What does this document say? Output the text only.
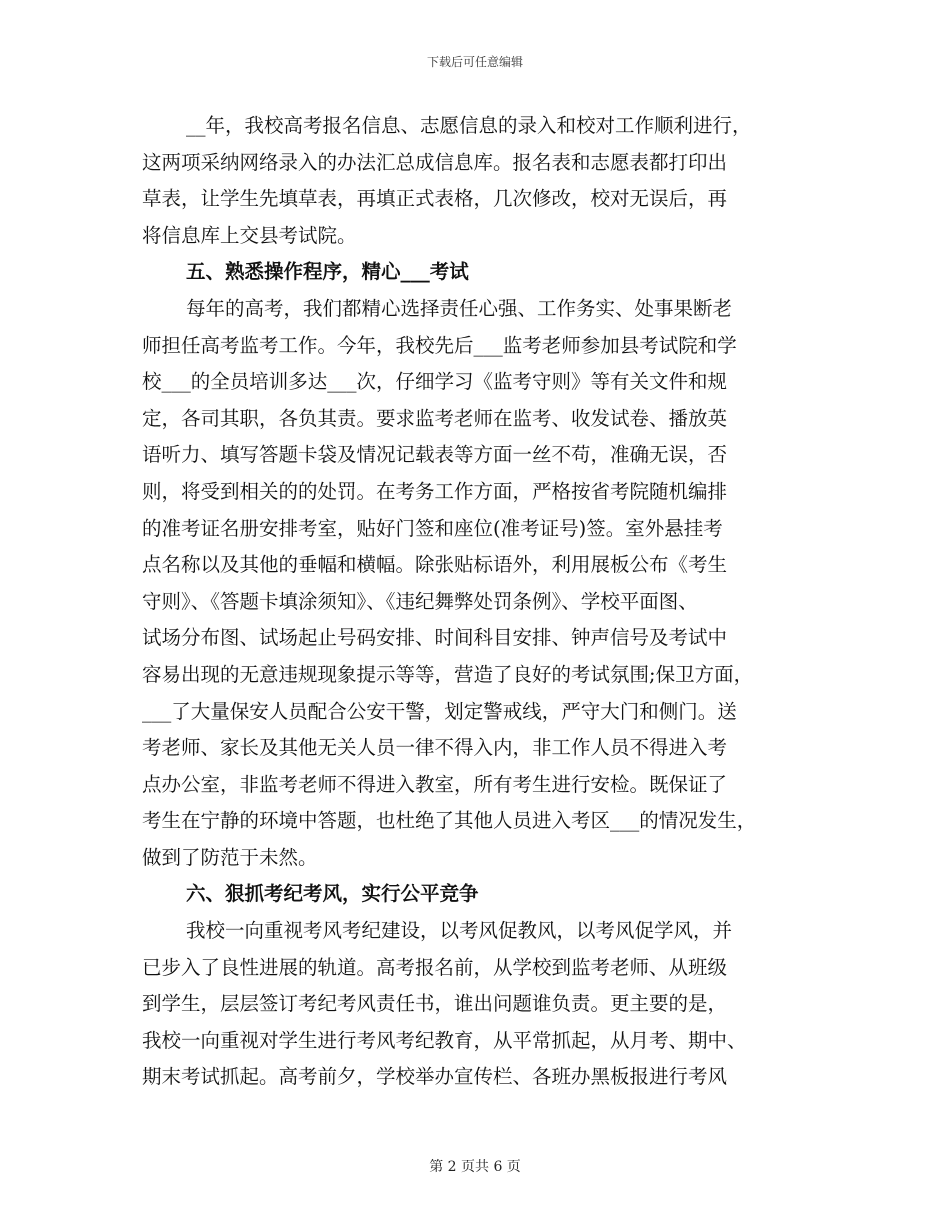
下载后可任意编辑
__年，我校高考报名信息、志愿信息的录入和校对工作顺利进行，
这两项采纳网络录入的办法汇总成信息库。报名表和志愿表都打印出
草表，让学生先填草表，再填正式表格，几次修改，校对无误后，再
将信息库上交县考试院。
五、熟悉操作程序，精心___考试
每年的高考，我们都精心选择责任心强、工作务实、处事果断老
师担任高考监考工作。今年，我校先后___监考老师参加县考试院和学
校___的全员培训多达___次，仔细学习《监考守则》等有关文件和规
定，各司其职，各负其责。要求监考老师在监考、收发试卷、播放英
语听力、填写答题卡袋及情况记载表等方面一丝不苟，准确无误，否
则，将受到相关的的处罚。在考务工作方面，严格按省考院随机编排
的准考证名册安排考室，贴好门签和座位(准考证号)签。室外悬挂考
点名称以及其他的垂幅和横幅。除张贴标语外，利用展板公布《考生
守则》、《答题卡填涂须知》、《违纪舞弊处罚条例》、学校平面图、
试场分布图、试场起止号码安排、时间科目安排、钟声信号及考试中
容易出现的无意违规现象提示等等，营造了良好的考试氛围;保卫方面，
___了大量保安人员配合公安干警，划定警戒线，严守大门和侧门。送
考老师、家长及其他无关人员一律不得入内，非工作人员不得进入考
点办公室，非监考老师不得进入教室，所有考生进行安检。既保证了
考生在宁静的环境中答题，也杜绝了其他人员进入考区___的情况发生，
做到了防范于未然。
六、狠抓考纪考风，实行公平竞争
我校一向重视考风考纪建设，以考风促教风，以考风促学风，并
已步入了良性进展的轨道。高考报名前，从学校到监考老师、从班级
到学生，层层签订考纪考风责任书，谁出问题谁负责。更主要的是，
我校一向重视对学生进行考风考纪教育，从平常抓起，从月考、期中、
期末考试抓起。高考前夕，学校举办宣传栏、各班办黑板报进行考风
第 2 页共 6 页
